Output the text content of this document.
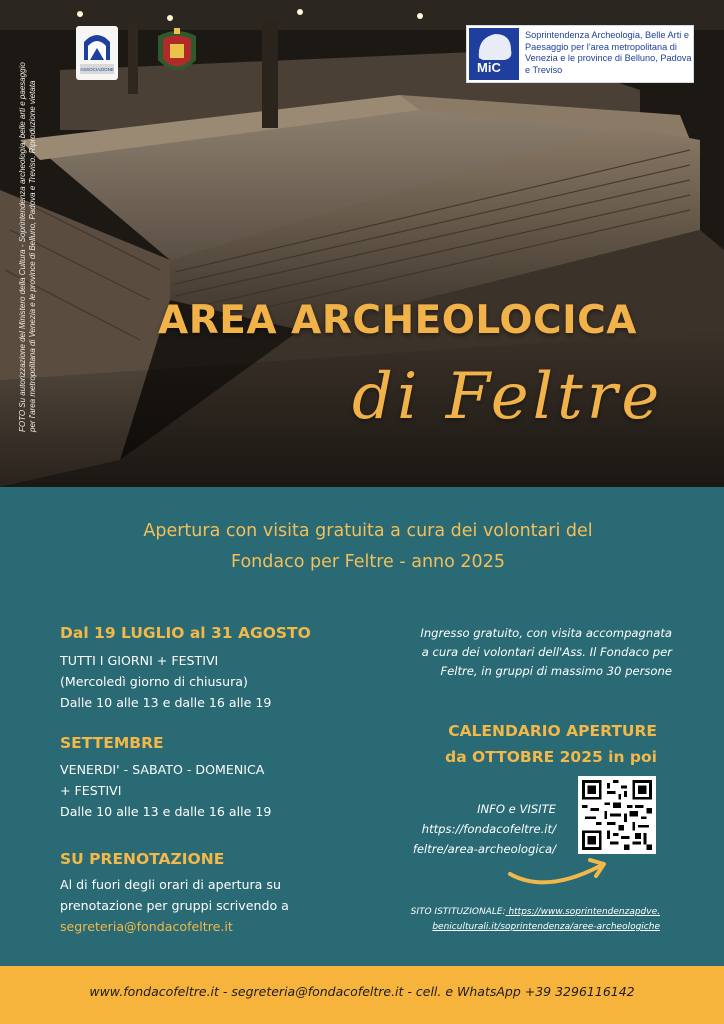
FOTO Su autorizzazione del Ministero della Cultura - Soprintendenza archeologia, belle arti e paesaggio per l'area metropolitana di Venezia e le province di Belluno, Padova e Treviso. Riproduzione vietata
ASSOCIAZIONE	MiC
Soprintendenza Archeologia, Belle Arti e Paesaggio per l'area metropolitana di Venezia e le province di Belluno, Padova e Treviso
AREA ARCHEOLOCICA
di Feltre
Apertura con visita gratuita a cura dei volontari del
Fondaco per Feltre - anno 2025
Dal 19 LUGLIO al 31 AGOSTO
TUTTI I GIORNI + FESTIVI
(Mercoledì giorno di chiusura)
Dalle 10 alle 13 e dalle 16 alle 19
SETTEMBRE
VENERDI' - SABATO - DOMENICA
+ FESTIVI
Dalle 10 alle 13 e dalle 16 alle 19
SU PRENOTAZIONE
Al di fuori degli orari di apertura su
prenotazione per gruppi scrivendo a
segreteria@fondacofeltre.it
Ingresso gratuito, con visita accompagnata
a cura dei volontari dell'Ass. Il Fondaco per
Feltre, in gruppi di massimo 30 persone
CALENDARIO APERTURE
da OTTOBRE 2025 in poi
INFO e VISITE
https://fondacofeltre.it/
feltre/area-archeologica/
SITO ISTITUZIONALE: https://www.soprintendenzapdve.
beniculturali.it/soprintendenza/aree-archeologiche
www.fondacofeltre.it - segreteria@fondacofeltre.it - cell. e WhatsApp +39 3296116142
